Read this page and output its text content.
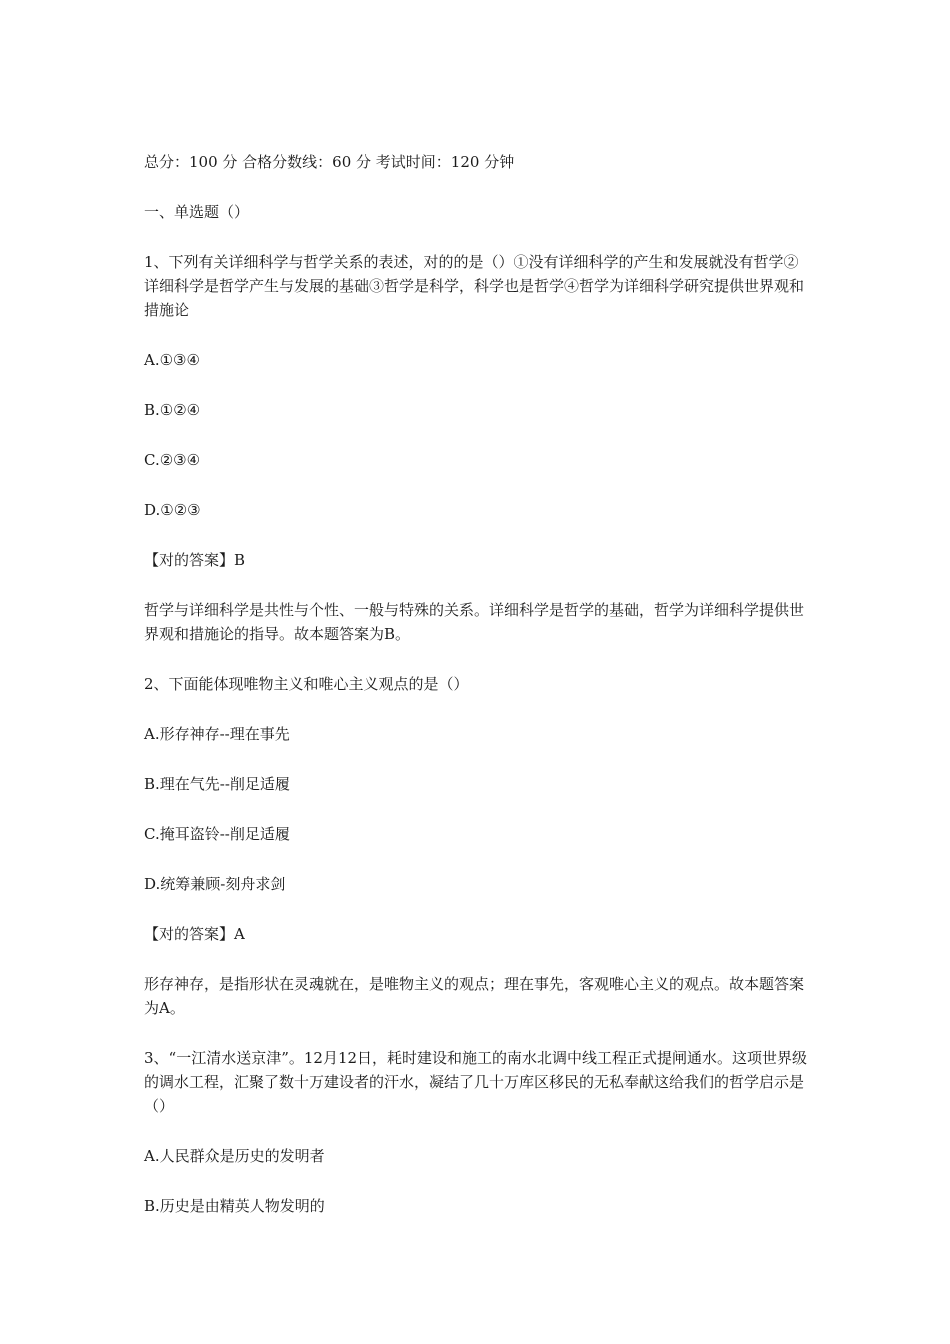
总分：100 分 合格分数线：60 分 考试时间：120 分钟

一、单选题（）

1、下列有关详细科学与哲学关系的表述，对的的是（）①没有详细科学的产生和发展就没有哲学②详细科学是哲学产生与发展的基础③哲学是科学，科学也是哲学④哲学为详细科学研究提供世界观和措施论

A.①③④

B.①②④

C.②③④

D.①②③

【对的答案】B

哲学与详细科学是共性与个性、一般与特殊的关系。详细科学是哲学的基础，哲学为详细科学提供世界观和措施论的指导。故本题答案为B。

2、下面能体现唯物主义和唯心主义观点的是（）

A.形存神存--理在事先

B.理在气先--削足适履

C.掩耳盗铃--削足适履

D.统筹兼顾-刻舟求剑

【对的答案】A

形存神存，是指形状在灵魂就在，是唯物主义的观点；理在事先，客观唯心主义的观点。故本题答案为A。

3、“一江清水送京津”。12月12日，耗时建设和施工的南水北调中线工程正式提闸通水。这项世界级的调水工程，汇聚了数十万建设者的汗水，凝结了几十万库区移民的无私奉献这给我们的哲学启示是（）

A.人民群众是历史的发明者

B.历史是由精英人物发明的
